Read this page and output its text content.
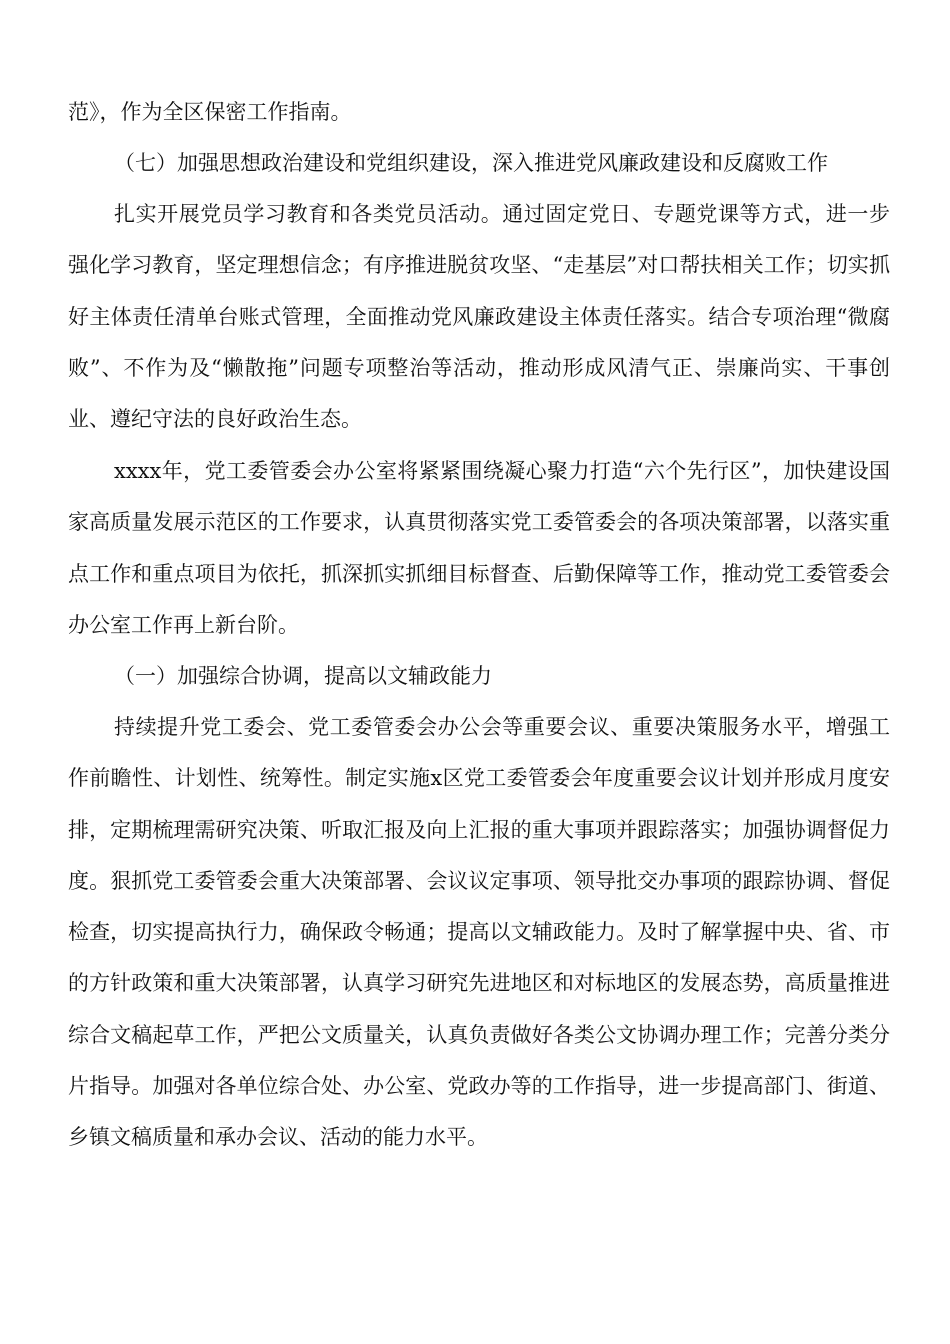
范》，作为全区保密工作指南。

（七）加强思想政治建设和党组织建设，深入推进党风廉政建设和反腐败工作

扎实开展党员学习教育和各类党员活动。通过固定党日、专题党课等方式，进一步强化学习教育，坚定理想信念；有序推进脱贫攻坚、“走基层”对口帮扶相关工作；切实抓好主体责任清单台账式管理，全面推动党风廉政建设主体责任落实。结合专项治理“微腐败”、不作为及“懒散拖”问题专项整治等活动，推动形成风清气正、崇廉尚实、干事创业、遵纪守法的良好政治生态。

xxxx年，党工委管委会办公室将紧紧围绕凝心聚力打造“六个先行区”，加快建设国家高质量发展示范区的工作要求，认真贯彻落实党工委管委会的各项决策部署，以落实重点工作和重点项目为依托，抓深抓实抓细目标督查、后勤保障等工作，推动党工委管委会办公室工作再上新台阶。

（一）加强综合协调，提高以文辅政能力

持续提升党工委会、党工委管委会办公会等重要会议、重要决策服务水平，增强工作前瞻性、计划性、统筹性。制定实施x区党工委管委会年度重要会议计划并形成月度安排，定期梳理需研究决策、听取汇报及向上汇报的重大事项并跟踪落实；加强协调督促力度。狠抓党工委管委会重大决策部署、会议议定事项、领导批交办事项的跟踪协调、督促检查，切实提高执行力，确保政令畅通；提高以文辅政能力。及时了解掌握中央、省、市的方针政策和重大决策部署，认真学习研究先进地区和对标地区的发展态势，高质量推进综合文稿起草工作，严把公文质量关，认真负责做好各类公文协调办理工作；完善分类分片指导。加强对各单位综合处、办公室、党政办等的工作指导，进一步提高部门、街道、乡镇文稿质量和承办会议、活动的能力水平。
